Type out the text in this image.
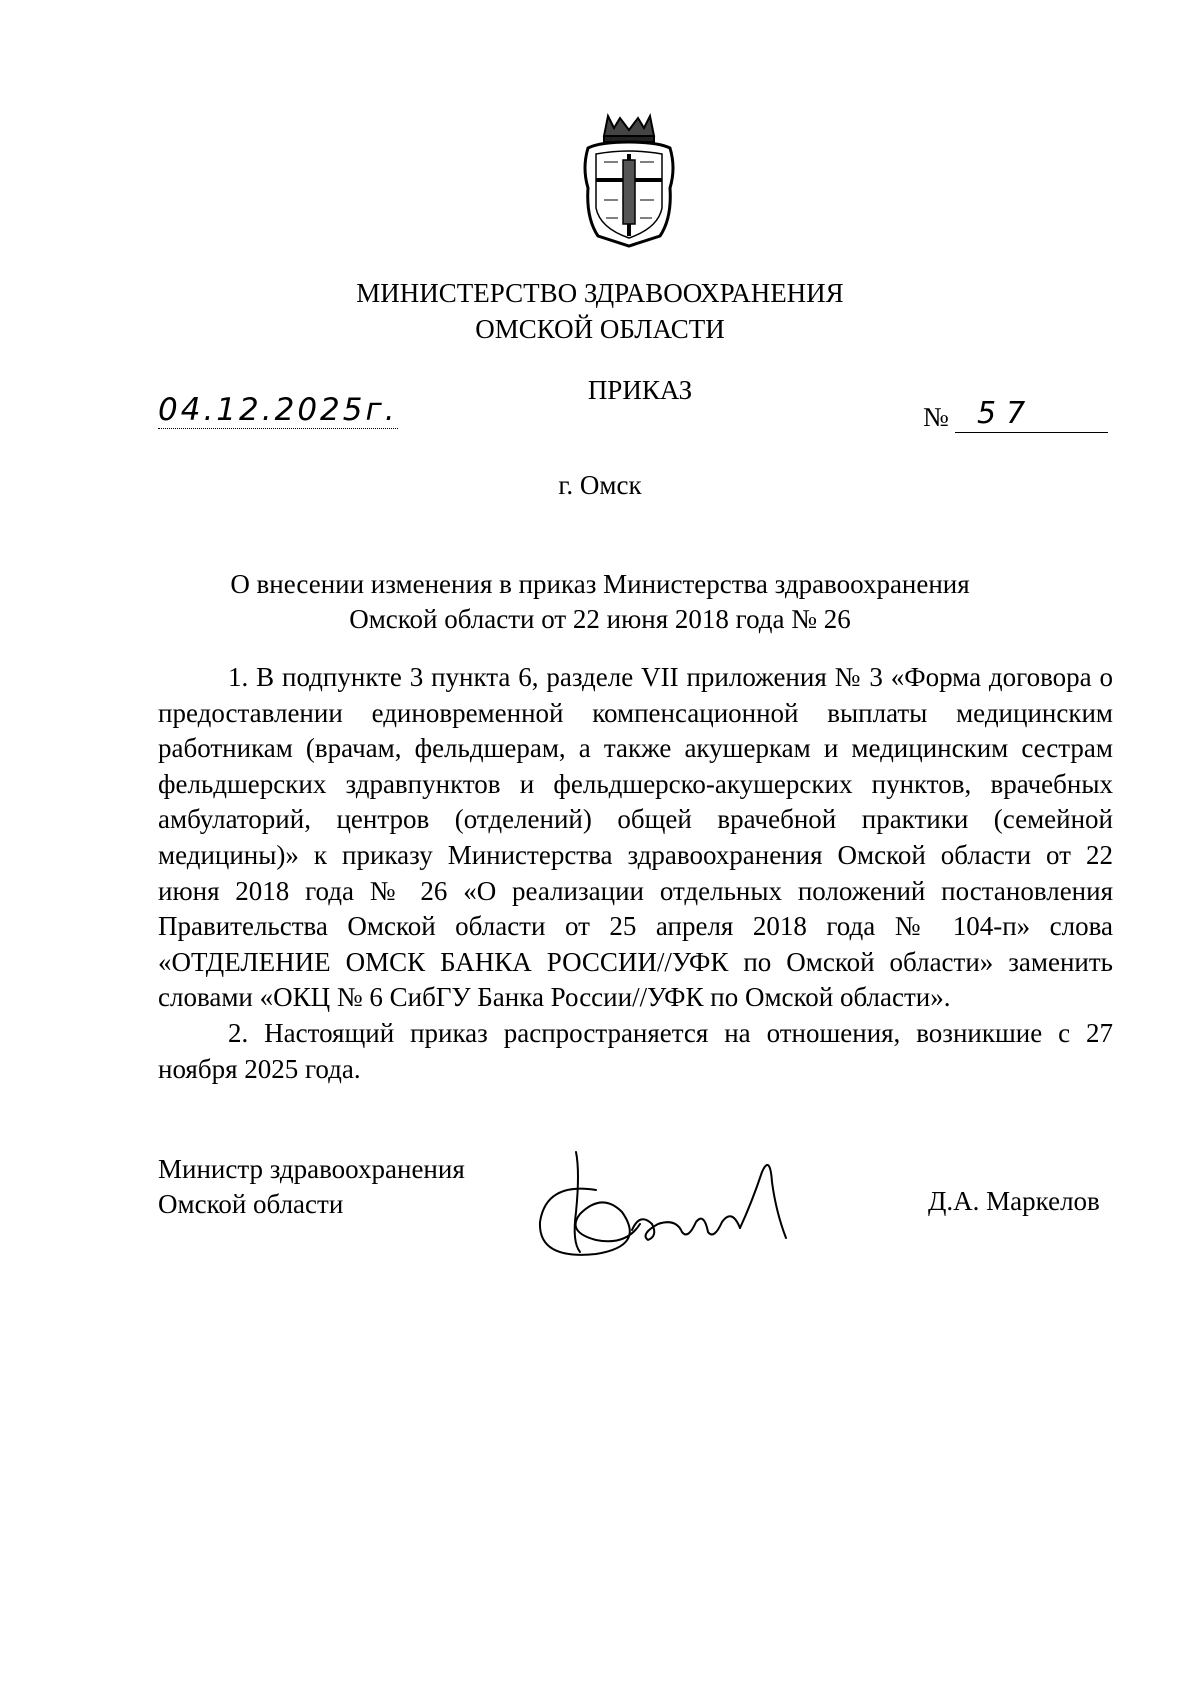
МИНИСТЕРСТВО ЗДРАВООХРАНЕНИЯ
ОМСКОЙ ОБЛАСТИ
ПРИКАЗ
04.12.2025г.	№ 57
г. Омск
О внесении изменения в приказ Министерства здравоохранения
Омской области от 22 июня 2018 года № 26

1. В подпункте 3 пункта 6, разделе VII приложения № 3 «Форма договора о предоставлении единовременной компенсационной выплаты медицинским работникам (врачам, фельдшерам, а также акушеркам и медицинским сестрам фельдшерских здравпунктов и фельдшерско-акушерских пунктов, врачебных амбулаторий, центров (отделений) общей врачебной практики (семейной медицины)» к приказу Министерства здравоохранения Омской области от 22 июня 2018 года № 26 «О реализации отдельных положений постановления Правительства Омской области от 25 апреля 2018 года № 104-п» слова «ОТДЕЛЕНИЕ ОМСК БАНКА РОССИИ//УФК по Омской области» заменить словами «ОКЦ № 6 СибГУ Банка России//УФК по Омской области».

2. Настоящий приказ распространяется на отношения, возникшие с 27 ноября 2025 года.

Министр здравоохранения
Омской области	Д.А. Маркелов
